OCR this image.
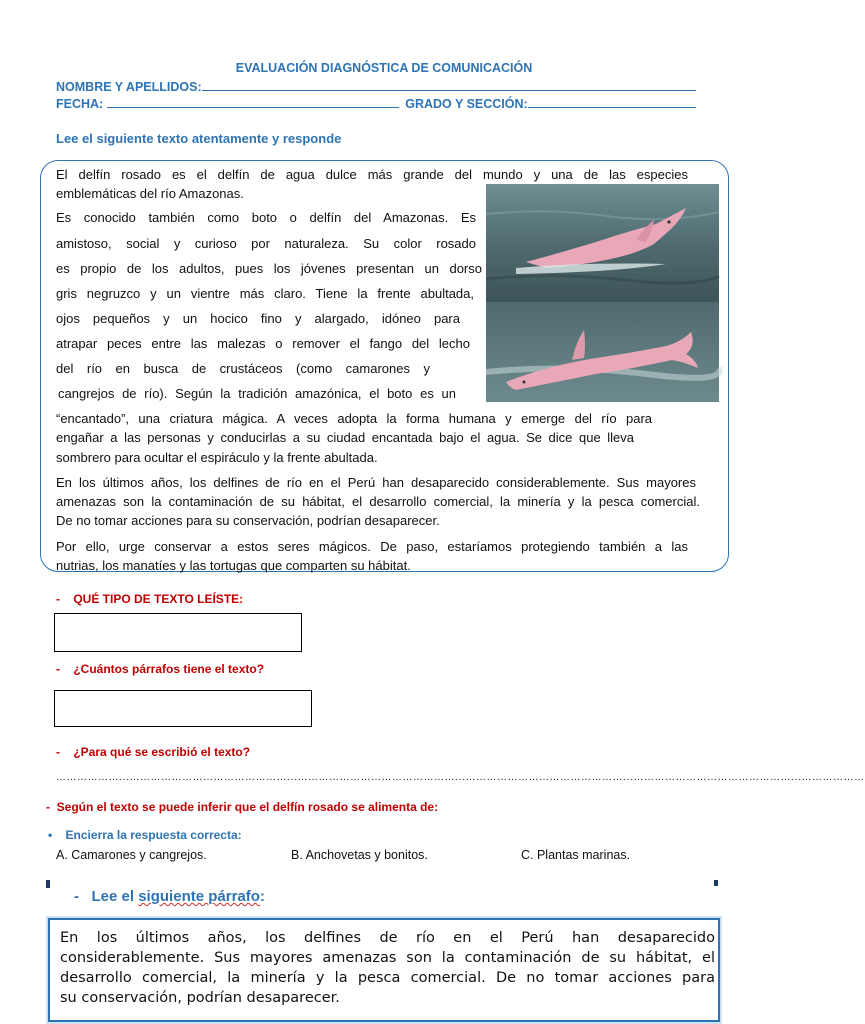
EVALUACIÓN DIAGNÓSTICA DE COMUNICACIÓN
NOMBRE Y APELLIDOS:
FECHA:	GRADO Y SECCIÓN:
Lee el siguiente texto atentamente y responde
El delfín rosado es el delfín de agua dulce más grande del mundo y una de las especies
emblemáticas del río Amazonas.
Es conocido también como boto o delfín del Amazonas. Es
amistoso, social y curioso por naturaleza. Su color rosado
es propio de los adultos, pues los jóvenes presentan un dorso
gris negruzco y un vientre más claro. Tiene la frente abultada,
ojos pequeños y un hocico fino y alargado, idóneo para
atrapar peces entre las malezas o remover el fango del lecho
del río en busca de crustáceos (como camarones y
cangrejos de río). Según la tradición amazónica, el boto es un
“encantado”, una criatura mágica. A veces adopta la forma humana y emerge del río para
engañar a las personas y conducirlas a su ciudad encantada bajo el agua. Se dice que lleva
sombrero para ocultar el espiráculo y la frente abultada.
En los últimos años, los delfines de río en el Perú han desaparecido considerablemente. Sus mayores
amenazas son la contaminación de su hábitat, el desarrollo comercial, la minería y la pesca comercial.
De no tomar acciones para su conservación, podrían desaparecer.
Por ello, urge conservar a estos seres mágicos. De paso, estaríamos protegiendo también a las
nutrias, los manatíes y las tortugas que comparten su hábitat.
- QUÉ TIPO DE TEXTO LEÍSTE:
- ¿Cuántos párrafos tiene el texto?
- ¿Para qué se escribió el texto?
……………………………………………………………………………………………………………………………………………………………………………………………………………
- Según el texto se puede inferir que el delfín rosado se alimenta de:
• Encierra la respuesta correcta:
A. Camarones y cangrejos.	B. Anchovetas y bonitos.	C. Plantas marinas.
- Lee el siguiente párrafo:
En los últimos años, los delfines de río en el Perú han desaparecido
considerablemente. Sus mayores amenazas son la contaminación de su hábitat, el
desarrollo comercial, la minería y la pesca comercial. De no tomar acciones para
su conservación, podrían desaparecer.
